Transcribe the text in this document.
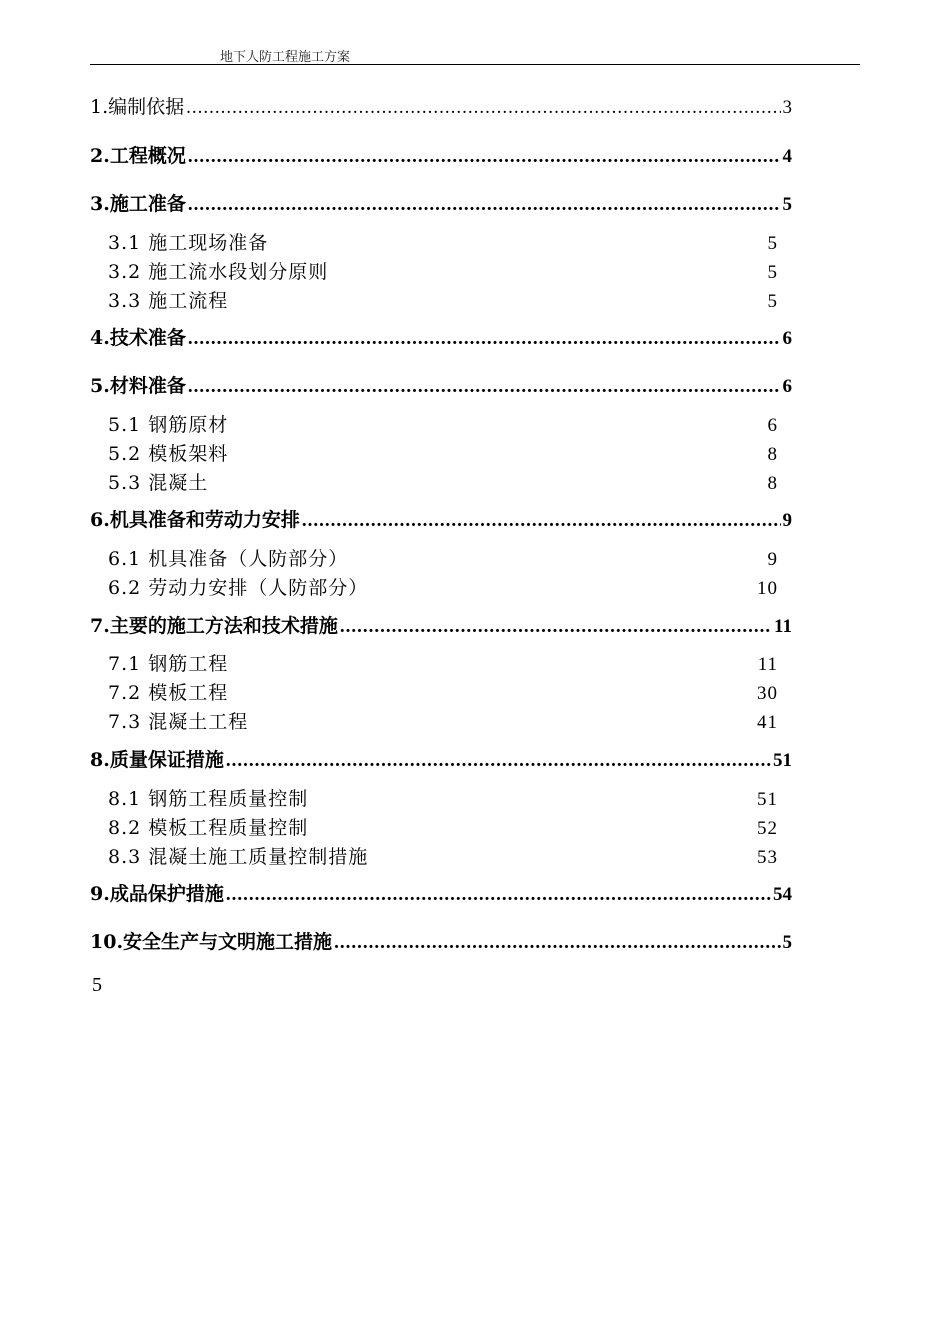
地下人防工程施工方案
1.编制依据 .....	3
2.工程概况 .....	4
3.施工准备 .....	5
3.1 施工现场准备	5
3.2 施工流水段划分原则	5
3.3 施工流程	5
4.技术准备 .....	6
5.材料准备 .....	6
5.1 钢筋原材	6
5.2 模板架料	8
5.3 混凝土	8
6.机具准备和劳动力安排 .....	9
6.1 机具准备（人防部分）	9
6.2 劳动力安排（人防部分）	10
7.主要的施工方法和技术措施 .....	11
7.1 钢筋工程	11
7.2 模板工程	30
7.3 混凝土工程	41
8.质量保证措施 .....	51
8.1 钢筋工程质量控制	51
8.2 模板工程质量控制	52
8.3 混凝土施工质量控制措施	53
9.成品保护措施 .....	54
10.安全生产与文明施工措施 .....	5
5
